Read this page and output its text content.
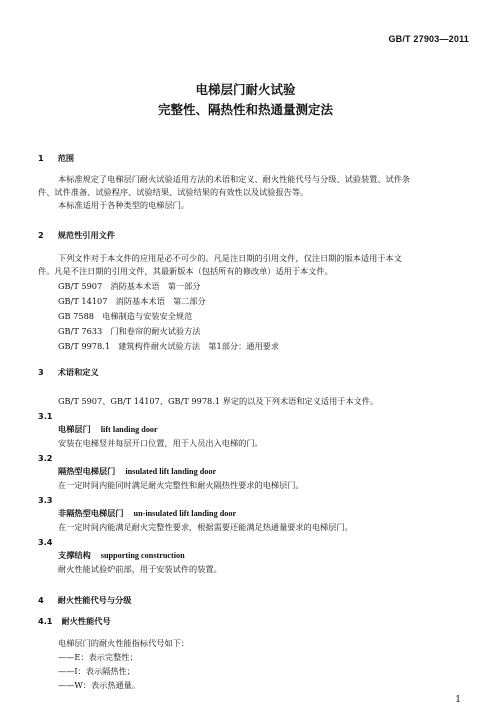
GB/T 27903—2011
电梯层门耐火试验
完整性、隔热性和热通量测定法
1 范围
本标准规定了电梯层门耐火试验适用方法的术语和定义、耐火性能代号与分级、试验装置、试件条
件、试件准备、试验程序、试验结果、试验结果的有效性以及试验报告等。
本标准适用于各种类型的电梯层门。
2 规范性引用文件
下列文件对于本文件的应用是必不可少的。凡是注日期的引用文件，仅注日期的版本适用于本文
件。凡是不注日期的引用文件，其最新版本（包括所有的修改单）适用于本文件。
GB/T 5907　 消防基本术语　第一部分
GB/T 14107　 消防基本术语　第二部分
GB 7588　 电梯制造与安装安全规范
GB/T 7633　 门和卷帘的耐火试验方法
GB/T 9978.1　 建筑构件耐火试验方法　第1部分：通用要求
3 术语和定义
GB/T 5907、GB/T 14107、GB/T 9978.1 界定的以及下列术语和定义适用于本文件。
3.1
电梯层门 lift landing door
安装在电梯竖井每层开口位置，用于人员出入电梯的门。
3.2
隔热型电梯层门 insulated lift landing door
在一定时间内能同时满足耐火完整性和耐火隔热性要求的电梯层门。
3.3
非隔热型电梯层门 un-insulated lift landing door
在一定时间内能满足耐火完整性要求，根据需要还能满足热通量要求的电梯层门。
3.4
支撑结构 supporting construction
耐火性能试验炉前部，用于安装试件的装置。
4 耐火性能代号与分级
4.1 耐火性能代号
电梯层门的耐火性能指标代号如下：
——E：表示完整性；
——I：表示隔热性；
——W：表示热通量。
1
